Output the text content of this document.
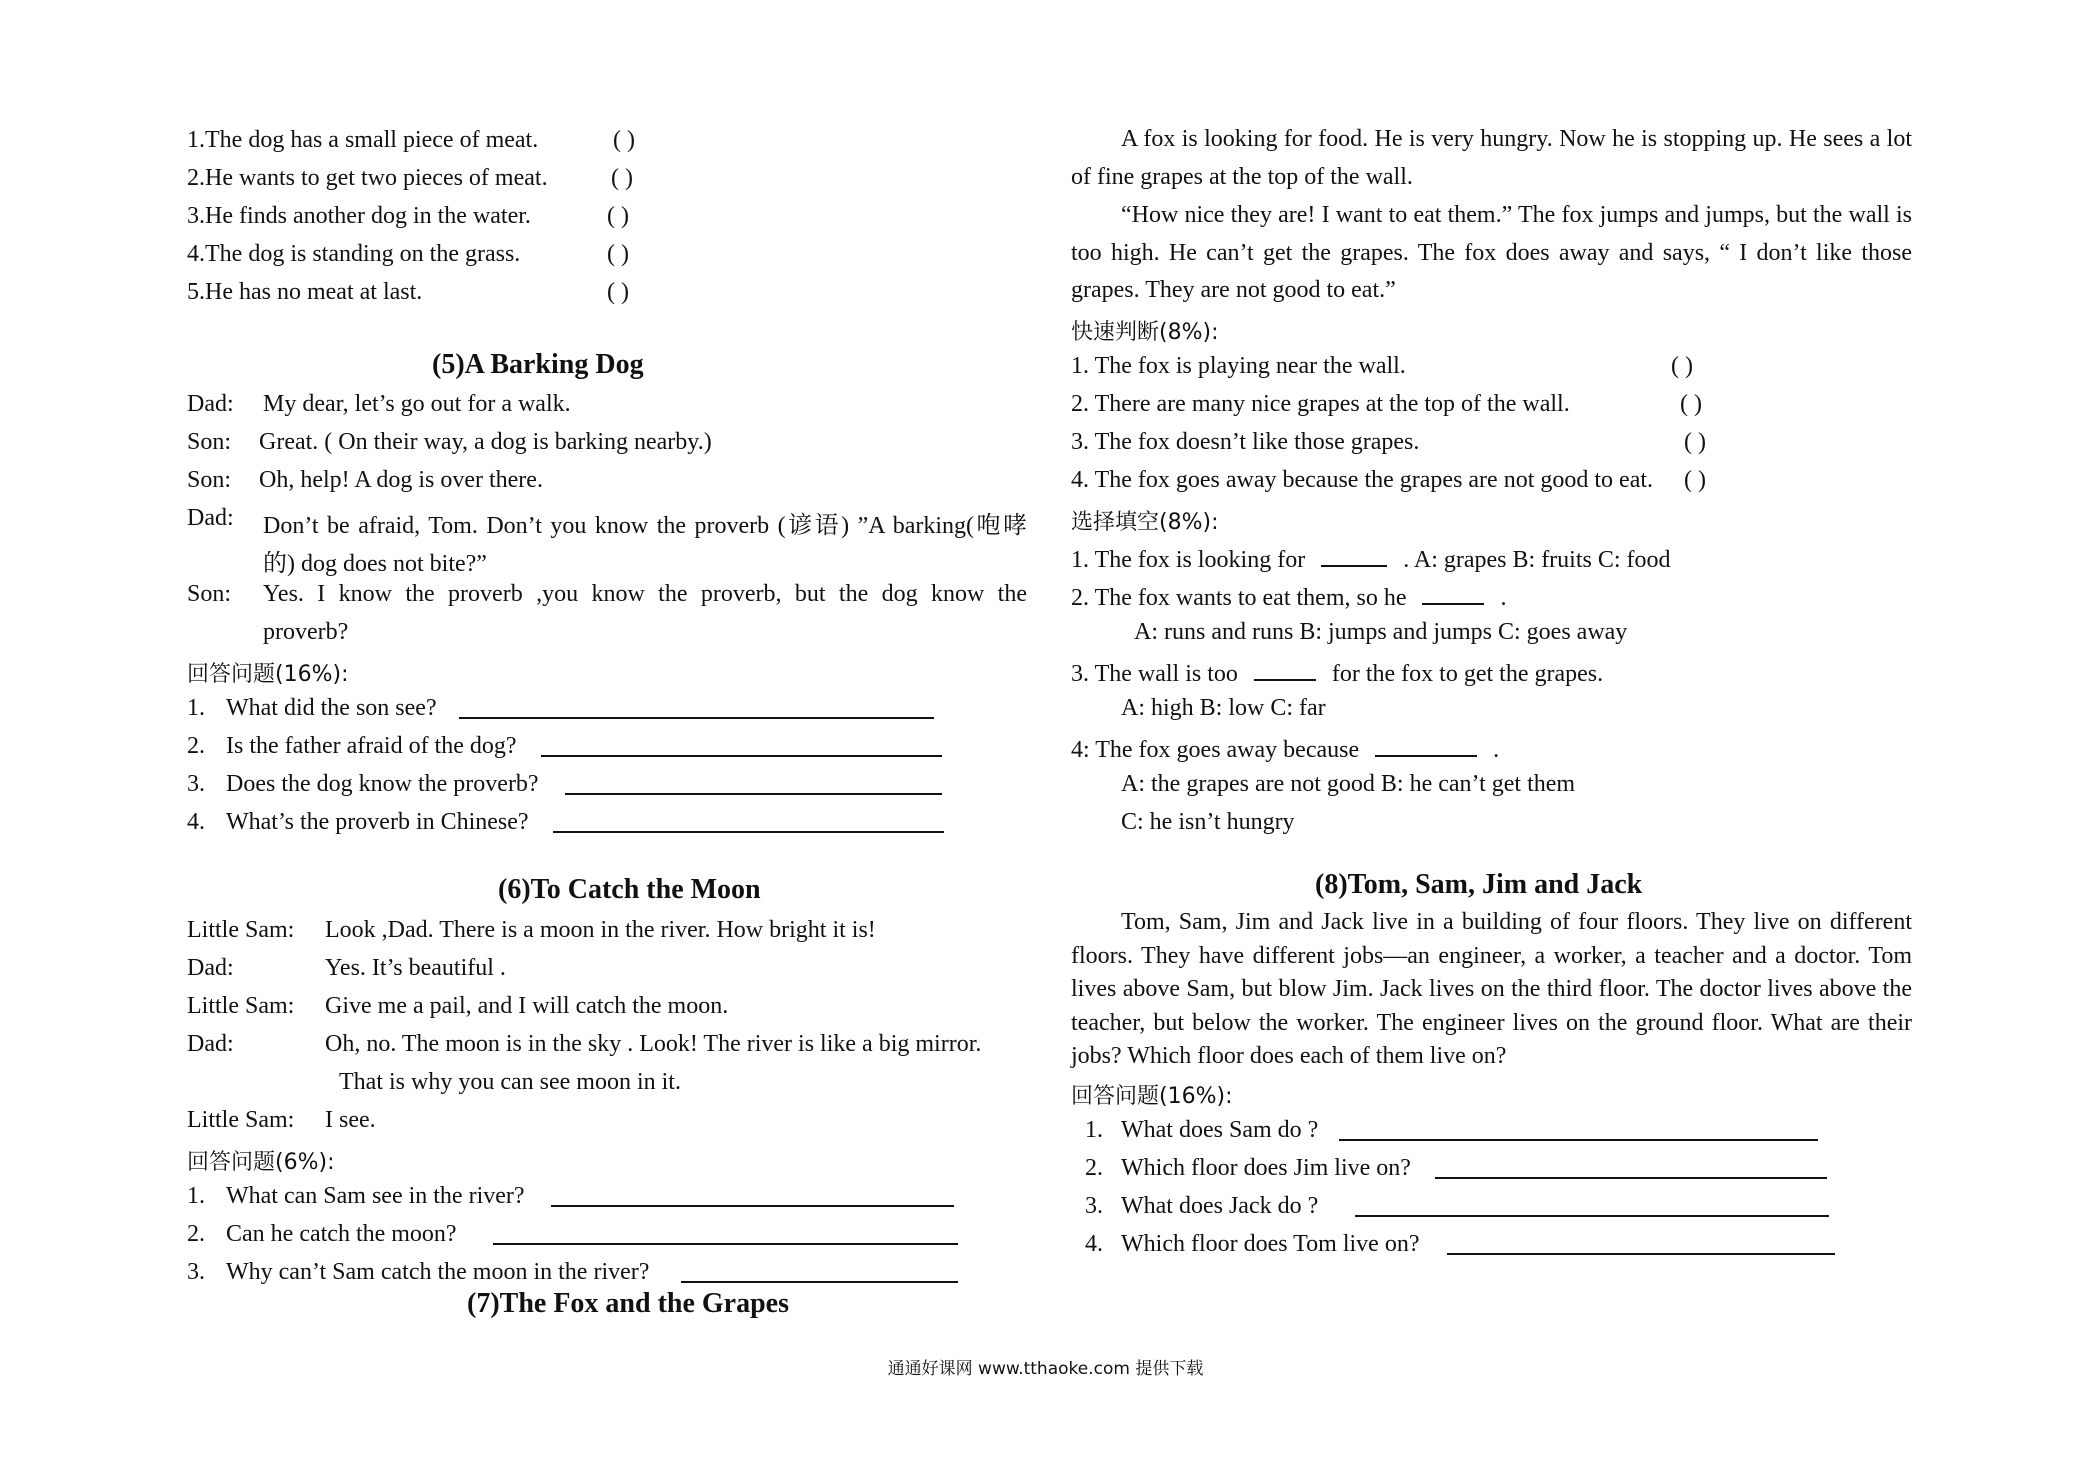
1.The dog has a small piece of meat.	( )
2.He wants to get two pieces of meat.	( )
3.He finds another dog in the water.	( )
4.The dog is standing on the grass.	( )
5.He has no meat at last.	( )
(5)A Barking Dog
Dad: My dear, let’s go out for a walk.
Son: Great. ( On their way, a dog is barking nearby.)
Son: Oh, help! A dog is over there.
Dad: Don’t be afraid, Tom. Don’t you know the proverb (谚语) ”A barking(咆哮
的) dog does not bite?”
Son: Yes. I know the proverb ,you know the proverb, but the dog know the
proverb?
回答问题(16%):
1. What did the son see?
2. Is the father afraid of the dog?
3. Does the dog know the proverb?
4. What’s the proverb in Chinese?
(6)To Catch the Moon
Little Sam: Look ,Dad. There is a moon in the river. How bright it is!
Dad:	Yes. It’s beautiful .
Little Sam: Give me a pail, and I will catch the moon.
Dad:	Oh, no. The moon is in the sky . Look! The river is like a big mirror.
That is why you can see moon in it.
Little Sam: I see.
回答问题(6%):
1. What can Sam see in the river?
2. Can he catch the moon?
3. Why can’t Sam catch the moon in the river?
(7)The Fox and the Grapes
A fox is looking for food. He is very hungry. Now he is stopping up. He sees a lot of fine grapes at the top of the wall.
“How nice they are! I want to eat them.” The fox jumps and jumps, but the wall is too high. He can’t get the grapes. The fox does away and says, “ I don’t like those grapes. They are not good to eat.”
快速判断(8%):
1. The fox is playing near the wall.	( )
2. There are many nice grapes at the top of the wall.	( )
3. The fox doesn’t like those grapes.	( )
4. The fox goes away because the grapes are not good to eat. ( )
选择填空(8%):
1. The fox is looking for	. A: grapes B: fruits C: food
2. The fox wants to eat them, so he	.
A: runs and runs B: jumps and jumps C: goes away
3. The wall is too	for the fox to get the grapes.
A: high B: low C: far
4: The fox goes away because	.
A: the grapes are not good B: he can’t get them
C: he isn’t hungry
(8)Tom, Sam, Jim and Jack
Tom, Sam, Jim and Jack live in a building of four floors. They live on different floors. They have different jobs—an engineer, a worker, a teacher and a doctor. Tom lives above Sam, but blow Jim. Jack lives on the third floor. The doctor lives above the teacher, but below the worker. The engineer lives on the ground floor. What are their jobs? Which floor does each of them live on?
回答问题(16%):
1. What does Sam do ?
2. Which floor does Jim live on?
3. What does Jack do ?
4. Which floor does Tom live on?
通通好课网 www.tthaoke.com 提供下载
